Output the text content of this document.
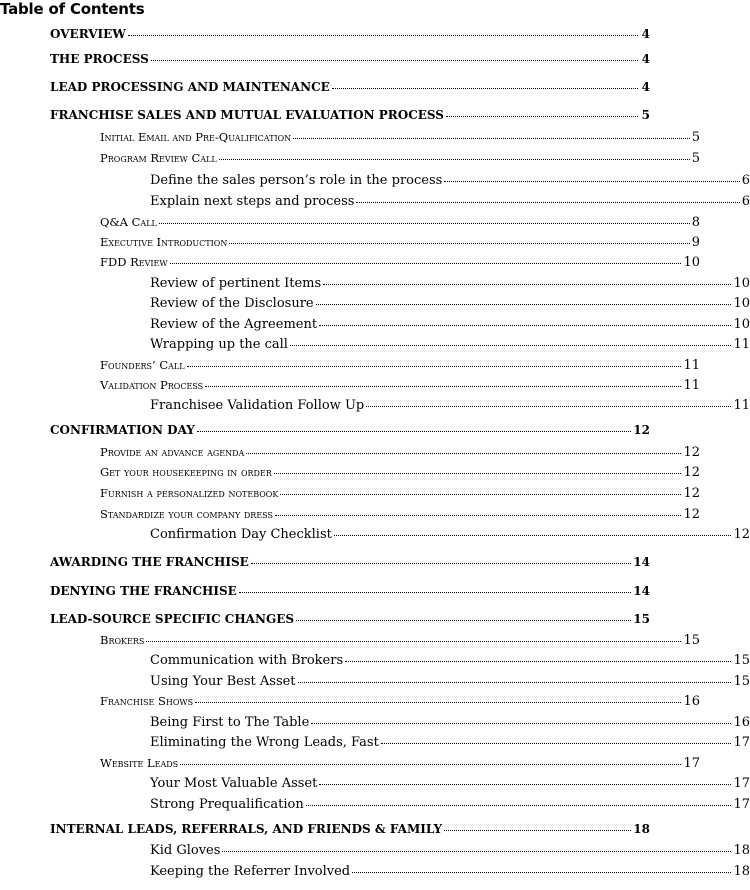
Table of Contents
OVERVIEW	4
THE PROCESS	4
LEAD PROCESSING AND MAINTENANCE	4
FRANCHISE SALES AND MUTUAL EVALUATION PROCESS	5
Initial Email and Pre-Qualification	5
Program Review Call	5
Define the sales person’s role in the process	6
Explain next steps and process	6
Q&A Call	8
Executive Introduction	9
FDD Review	10
Review of pertinent Items	10
Review of the Disclosure	10
Review of the Agreement	10
Wrapping up the call	11
Founders’ Call	11
Validation Process	11
Franchisee Validation Follow Up	11
CONFIRMATION DAY	12
Provide an advance agenda	12
Get your housekeeping in order	12
Furnish a personalized notebook	12
Standardize your company dress	12
Confirmation Day Checklist	12
AWARDING THE FRANCHISE	14
DENYING THE FRANCHISE	14
LEAD-SOURCE SPECIFIC CHANGES	15
Brokers	15
Communication with Brokers	15
Using Your Best Asset	15
Franchise Shows	16
Being First to The Table	16
Eliminating the Wrong Leads, Fast	17
Website Leads	17
Your Most Valuable Asset	17
Strong Prequalification	17
INTERNAL LEADS, REFERRALS, AND FRIENDS & FAMILY	18
Kid Gloves	18
Keeping the Referrer Involved	18
